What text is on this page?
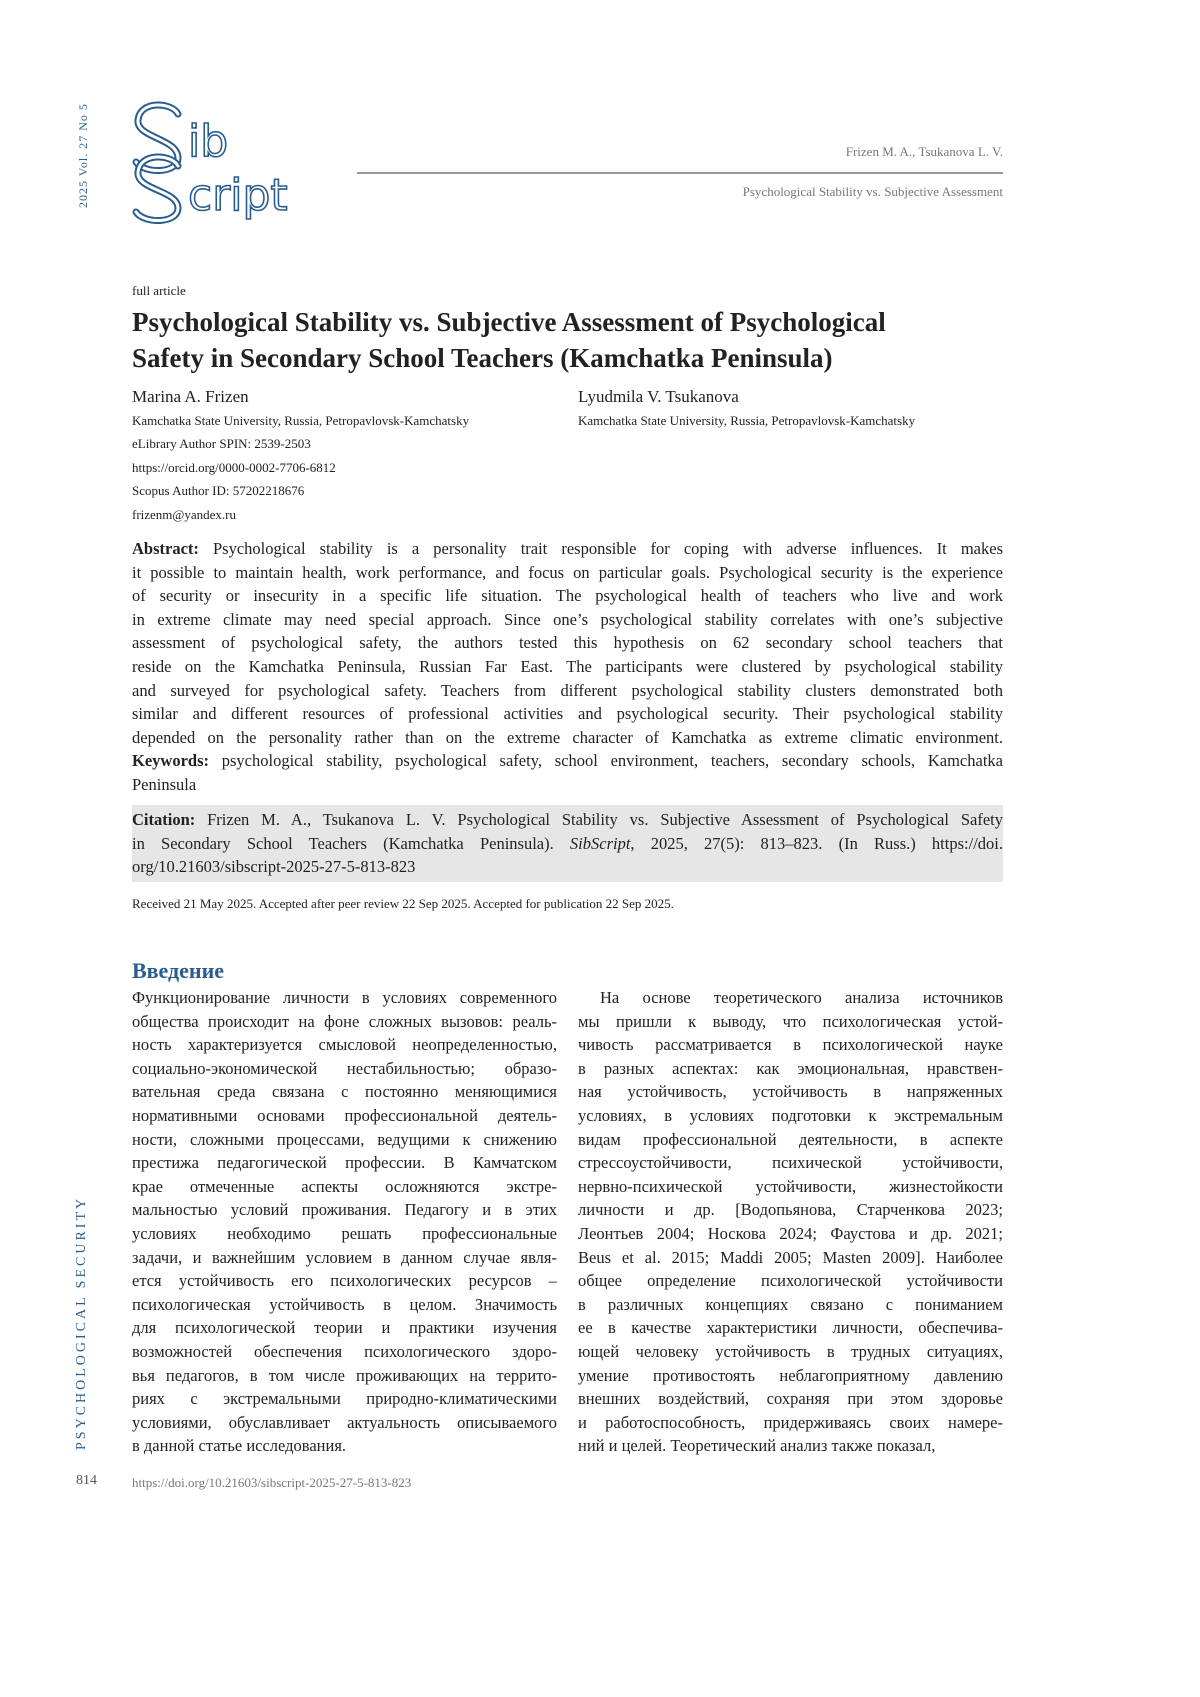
2025 Vol. 27 No 5
PSYCHOLOGICAL SECURITY
ib
cript
Frizen M. A., Tsukanova L. V.
Psychological Stability vs. Subjective Assessment
full article
Psychological Stability vs. Subjective Assessment of Psychological
Safety in Secondary School Teachers (Kamchatka Peninsula)
Marina A. Frizen
Kamchatka State University, Russia, Petropavlovsk-Kamchatsky
eLibrary Author SPIN: 2539-2503
https://orcid.org/0000-0002-7706-6812
Scopus Author ID: 57202218676
frizenm@yandex.ru
Lyudmila V. Tsukanova
Kamchatka State University, Russia, Petropavlovsk-Kamchatsky
Abstract: Psychological stability is a personality trait responsible for coping with adverse influences. It makes
it possible to maintain health, work performance, and focus on particular goals. Psychological security is the experience
of security or insecurity in a specific life situation. The psychological health of teachers who live and work
in extreme climate may need special approach. Since one’s psychological stability correlates with one’s subjective
assessment of psychological safety, the authors tested this hypothesis on 62 secondary school teachers that
reside on the Kamchatka Peninsula, Russian Far East. The participants were clustered by psychological stability
and surveyed for psychological safety. Teachers from different psychological stability clusters demonstrated both
similar and different resources of professional activities and psychological security. Their psychological stability
depended on the personality rather than on the extreme character of Kamchatka as extreme climatic environment.
Keywords: psychological stability, psychological safety, school environment, teachers, secondary schools, Kamchatka
Peninsula
Citation: Frizen M. A., Tsukanova L. V. Psychological Stability vs. Subjective Assessment of Psychological Safety
in Secondary School Teachers (Kamchatka Peninsula). SibScript, 2025, 27(5): 813–823. (In Russ.) https://doi.
org/10.21603/sibscript-2025-27-5-813-823
Received 21 May 2025. Accepted after peer review 22 Sep 2025. Accepted for publication 22 Sep 2025.
Введение
Функционирование личности в условиях современного
общества происходит на фоне сложных вызовов: реаль-
ность характеризуется смысловой неопределенностью,
социально-экономической нестабильностью; образо-
вательная среда связана с постоянно меняющимися
нормативными основами профессиональной деятель-
ности, сложными процессами, ведущими к снижению
престижа педагогической профессии. В Камчатском
крае отмеченные аспекты осложняются экстре-
мальностью условий проживания. Педагогу и в этих
условиях необходимо решать профессиональные
задачи, и важнейшим условием в данном случае явля-
ется устойчивость его психологических ресурсов –
психологическая устойчивость в целом. Значимость
для психологической теории и практики изучения
возможностей обеспечения психологического здоро-
вья педагогов, в том числе проживающих на террито-
риях с экстремальными природно-климатическими
условиями, обуславливает актуальность описываемого
в данной статье исследования.
На основе теоретического анализа источников
мы пришли к выводу, что психологическая устой-
чивость рассматривается в психологической науке
в разных аспектах: как эмоциональная, нравствен-
ная устойчивость, устойчивость в напряженных
условиях, в условиях подготовки к экстремальным
видам профессиональной деятельности, в аспекте
стрессоустойчивости, психической устойчивости,
нервно-психической устойчивости, жизнестойкости
личности и др. [Водопьянова, Старченкова 2023;
Леонтьев 2004; Носкова 2024; Фаустова и др. 2021;
Beus et al. 2015; Maddi 2005; Masten 2009]. Наиболее
общее определение психологической устойчивости
в различных концепциях связано с пониманием
ее в качестве характеристики личности, обеспечива-
ющей человеку устойчивость в трудных ситуациях,
умение противостоять неблагоприятному давлению
внешних воздействий, сохраняя при этом здоровье
и работоспособность, придерживаясь своих намере-
ний и целей. Теоретический анализ также показал,
814	https://doi.org/10.21603/sibscript-2025-27-5-813-823
